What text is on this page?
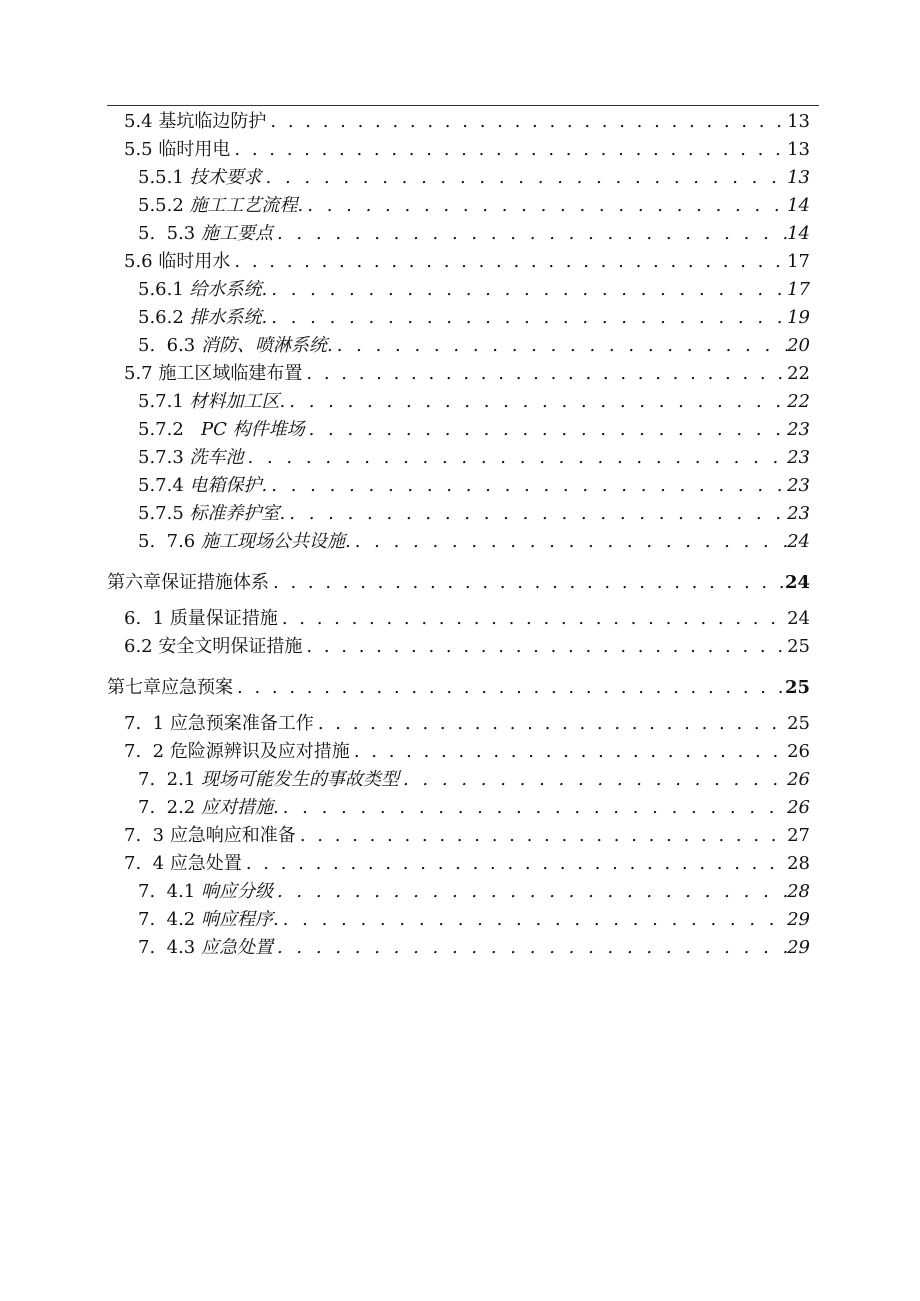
5.4 基坑临边防护 . . .	13
5.5 临时用电 . . .	13
5.5.1 技术要求 . . .	13
5.5.2 施工工艺流程. . . .	14
5.  5.3 施工要点 . . .	14
5.6 临时用水 . . .	17
5.6.1 给水系统. . . .	17
5.6.2 排水系统. . . .	19
5.  6.3 消防、喷淋系统. . . .	20
5.7 施工区域临建布置 . . .	22
5.7.1 材料加工区. . . .	22
5.7.2   PC 构件堆场 . . .	23
5.7.3 洗车池 . . .	23
5.7.4 电箱保护. . . .	23
5.7.5 标准养护室. . . .	23
5.  7.6 施工现场公共设施. . . .	24
第六章保证措施体系 . . .	24
6.  1 质量保证措施 . . .	24
6.2 安全文明保证措施 . . .	25
第七章应急预案 . . .	25
7.  1 应急预案准备工作 . . .	25
7.  2 危险源辨识及应对措施 . . .	26
7.  2.1 现场可能发生的事故类型 . . .	26
7.  2.2 应对措施. . . .	26
7.  3 应急响应和准备 . . .	27
7.  4 应急处置 . . .	28
7.  4.1 响应分级 . . .	28
7.  4.2 响应程序. . . .	29
7.  4.3 应急处置 . . .	29
